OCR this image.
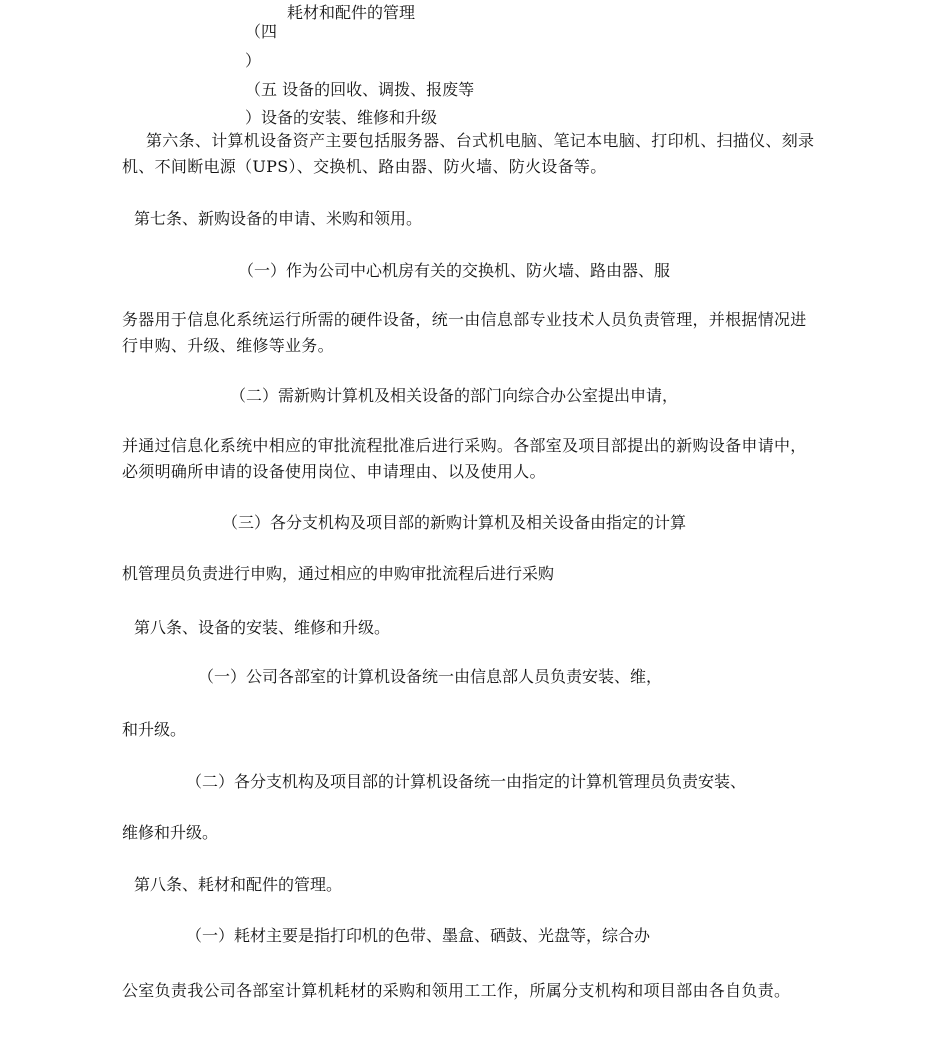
耗材和配件的管理
（四
）
（五 设备的回收、调拨、报废等
）设备的安装、维修和升级
第六条、计算机设备资产主要包括服务器、台式机电脑、笔记本电脑、打印机、扫描仪、刻录机、不间断电源（UPS）、交换机、路由器、防火墙、防火设备等。
第七条、新购设备的申请、米购和领用。
（一）作为公司中心机房有关的交换机、防火墙、路由器、服
务器用于信息化系统运行所需的硬件设备，统一由信息部专业技术人员负责管理，并根据情况进行申购、升级、维修等业务。
（二）需新购计算机及相关设备的部门向综合办公室提出申请，
并通过信息化系统中相应的审批流程批准后进行采购。各部室及项目部提出的新购设备申请中，必须明确所申请的设备使用岗位、申请理由、以及使用人。
（三）各分支机构及项目部的新购计算机及相关设备由指定的计算
机管理员负责进行申购，通过相应的申购审批流程后进行采购
第八条、设备的安装、维修和升级。
（一）公司各部室的计算机设备统一由信息部人员负责安装、维，
和升级。
（二）各分支机构及项目部的计算机设备统一由指定的计算机管理员负责安装、
维修和升级。
第八条、耗材和配件的管理。
（一）耗材主要是指打印机的色带、墨盒、硒鼓、光盘等，综合办
公室负责我公司各部室计算机耗材的采购和领用工工作，所属分支机构和项目部由各自负责。
